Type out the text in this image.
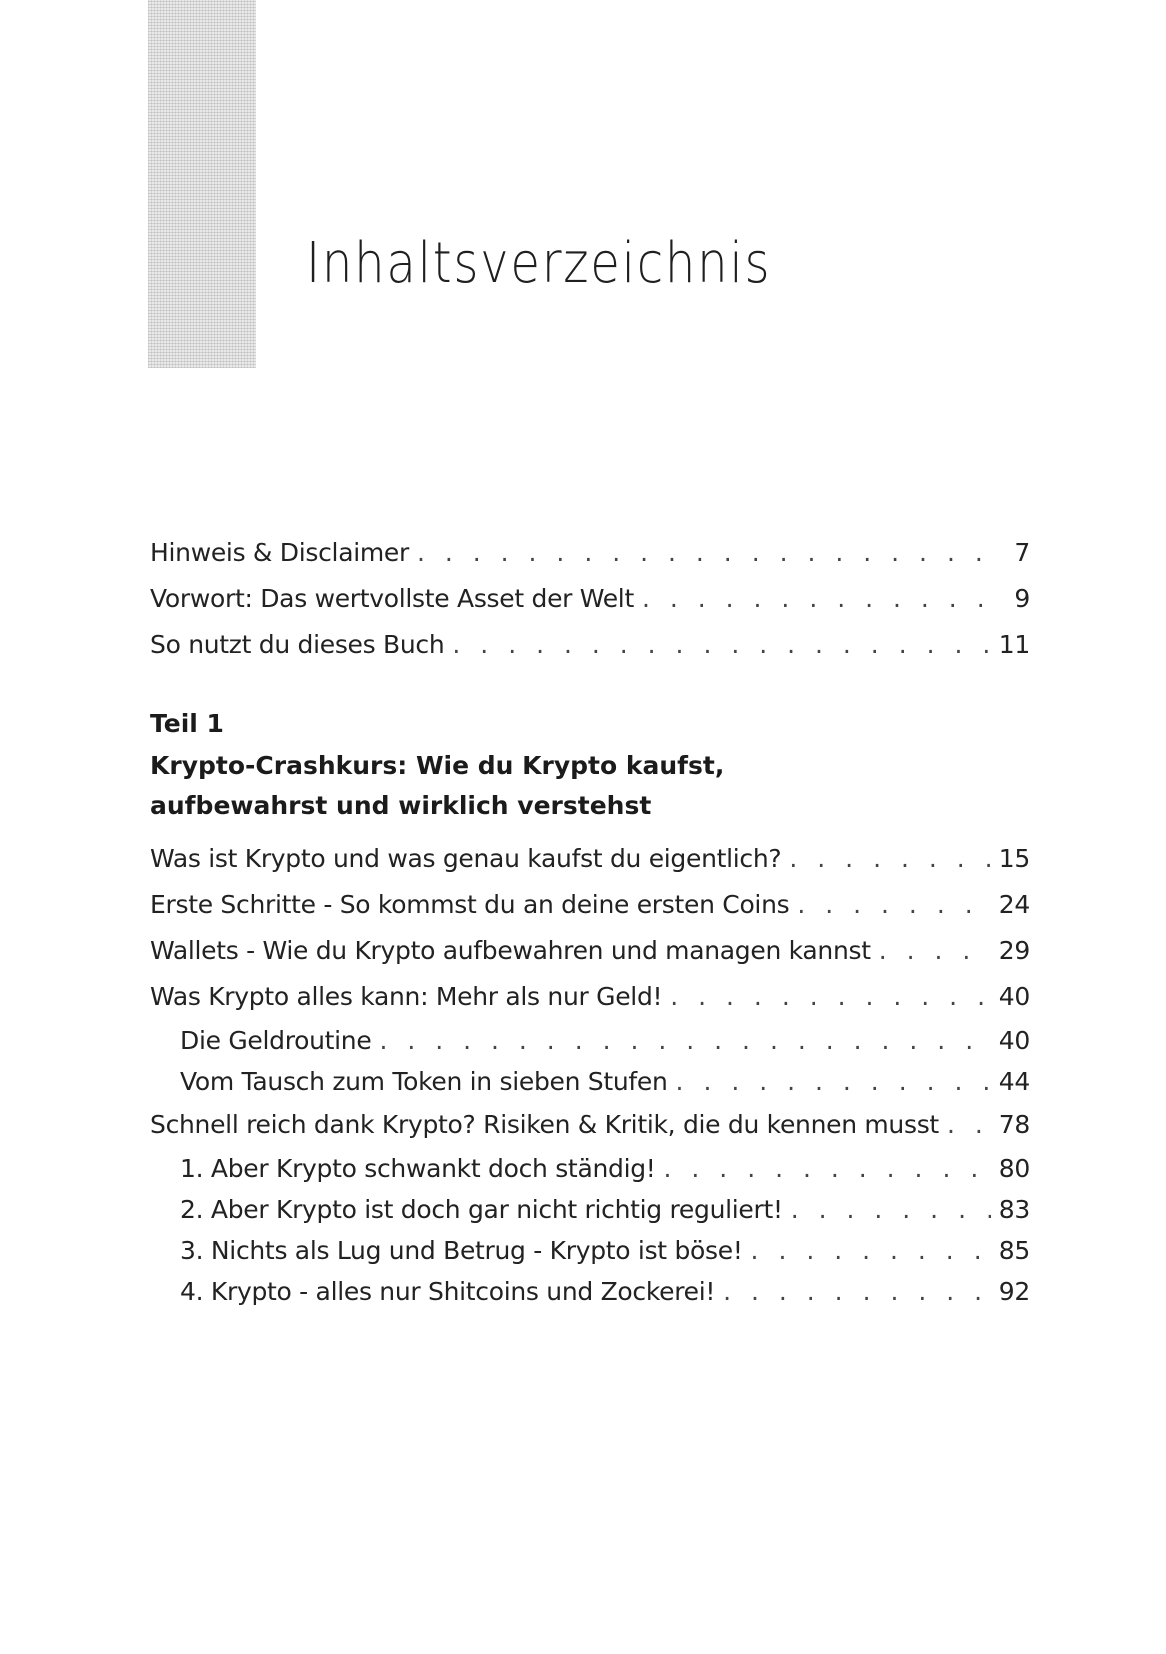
Inhaltsverzeichnis
Hinweis & Disclaimer . . .	7
Vorwort: Das wertvollste Asset der Welt . . .	9
So nutzt du dieses Buch . . .	11

Teil 1

Krypto-Crashkurs: Wie du Krypto kaufst,

aufbewahrst und wirklich verstehst

Was ist Krypto und was genau kaufst du eigentlich? . . .	15
Erste Schritte - So kommst du an deine ersten Coins . . .	24
Wallets - Wie du Krypto aufbewahren und managen kannst . . .	29
Was Krypto alles kann: Mehr als nur Geld! . . .	40
Die Geldroutine . . .	40
Vom Tausch zum Token in sieben Stufen . . .	44
Schnell reich dank Krypto? Risiken & Kritik, die du kennen musst . . . 78
1. Aber Krypto schwankt doch ständig! . . .	80
2. Aber Krypto ist doch gar nicht richtig reguliert! . . .	83
3. Nichts als Lug und Betrug - Krypto ist böse! . . .	85
4. Krypto - alles nur Shitcoins und Zockerei! . . .	92
